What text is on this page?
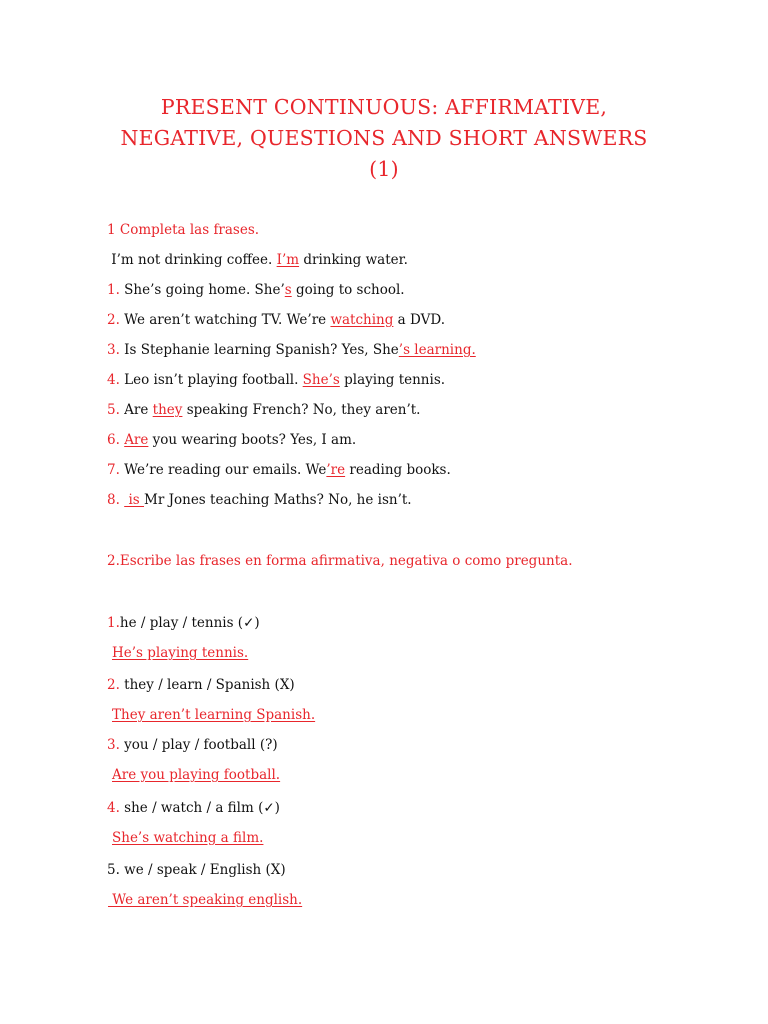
PRESENT CONTINUOUS: AFFIRMATIVE,
NEGATIVE, QUESTIONS AND SHORT ANSWERS
(1)
1 Completa las frases.
I’m not drinking coffee. I’m drinking water.
1. She’s going home. She’s going to school.
2. We aren’t watching TV. We’re watching a DVD.
3. Is Stephanie learning Spanish? Yes, She’s learning.
4. Leo isn’t playing football. She’s playing tennis.
5. Are they speaking French? No, they aren’t.
6. Are you wearing boots? Yes, I am.
7. We’re reading our emails. We’re reading books.
8.  is Mr Jones teaching Maths? No, he isn’t.
2.Escribe las frases en forma afirmativa, negativa o como pregunta.
1.he / play / tennis (✓)
He’s playing tennis.
2. they / learn / Spanish (X)
They aren’t learning Spanish.
3. you / play / football (?)
Are you playing football.
4. she / watch / a film (✓)
She’s watching a film.
5. we / speak / English (X)
We aren’t speaking english.
